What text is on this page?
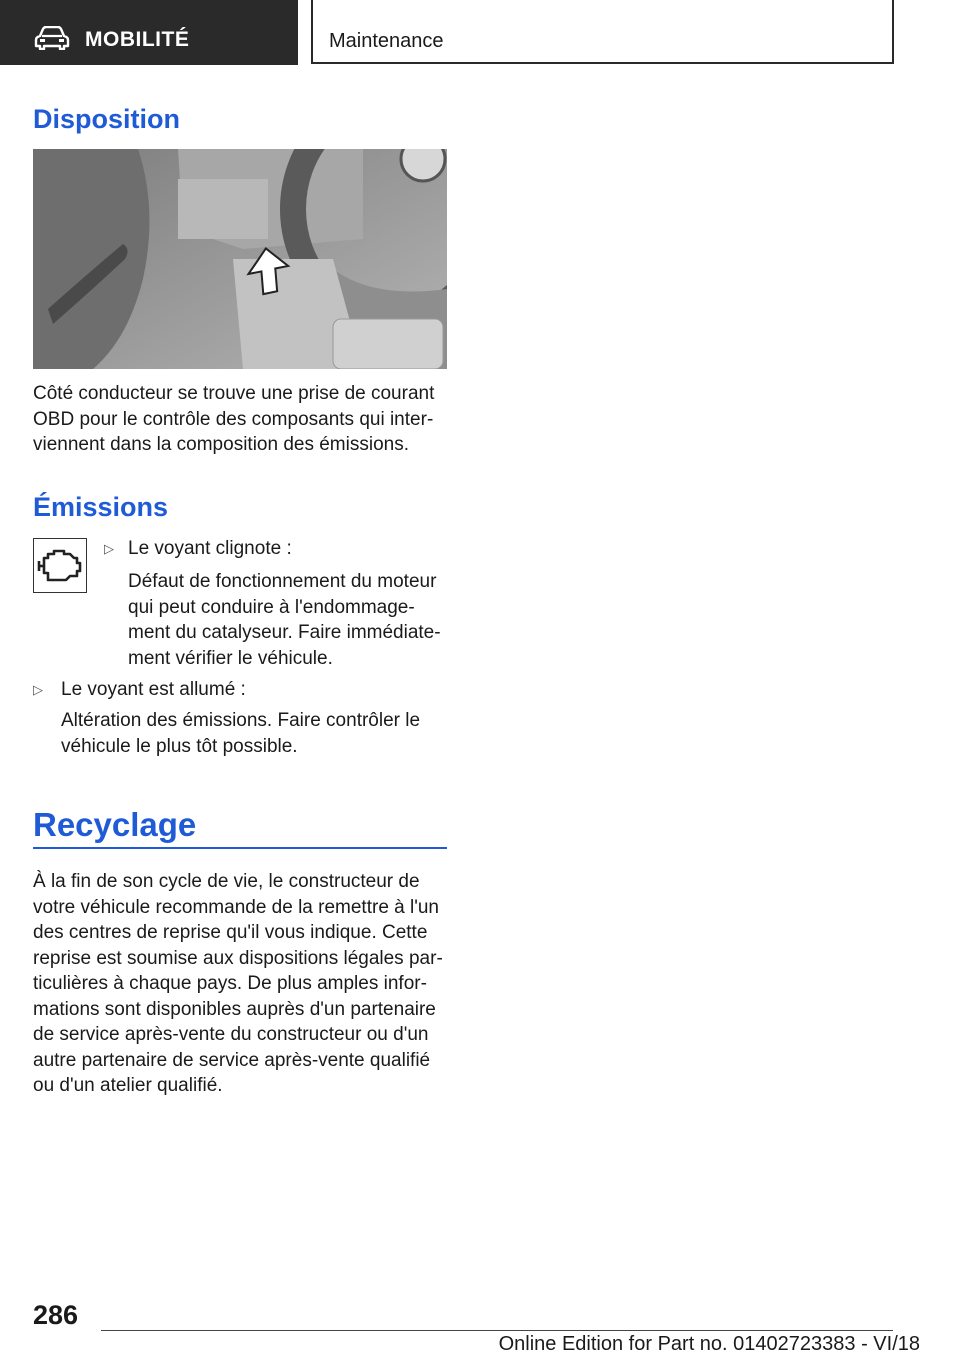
MOBILITÉ	Maintenance
Disposition

Côté conducteur se trouve une prise de courant OBD pour le contrôle des composants qui interviennent dans la composition des émissions.

Émissions
▷ Le voyant clignote :

Défaut de fonctionnement du moteur qui peut conduire à l'endommagement du catalyseur. Faire immédiatement vérifier le véhicule.

▷ Le voyant est allumé :

Altération des émissions. Faire contrôler le véhicule le plus tôt possible.

Recyclage

À la fin de son cycle de vie, le constructeur de votre véhicule recommande de la remettre à l'un des centres de reprise qu'il vous indique. Cette reprise est soumise aux dispositions légales particulières à chaque pays. De plus amples informations sont disponibles auprès d'un partenaire de service après-vente du constructeur ou d'un autre partenaire de service après-vente qualifié ou d'un atelier qualifié.

286
Online Edition for Part no. 01402723383 - VI/18
